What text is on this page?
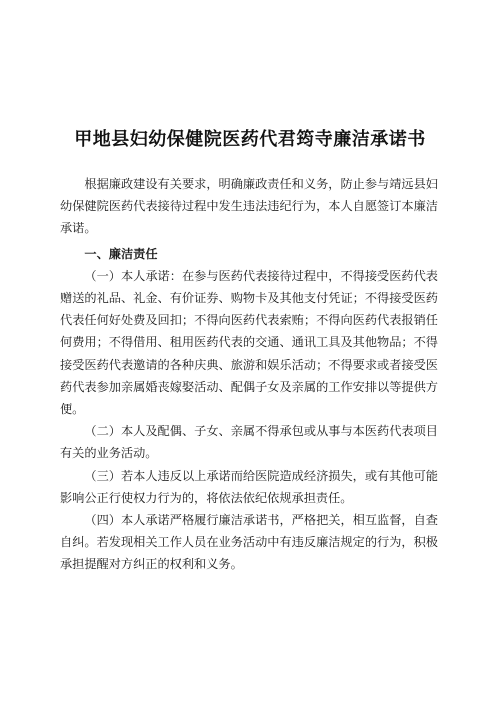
甲地县妇幼保健院医药代君筠寺廉洁承诺书

根据廉政建设有关要求，明确廉政责任和义务，防止参与靖远县妇幼保健院医药代表接待过程中发生违法违纪行为，本人自愿签订本廉洁承诺。

一、廉洁责任

（一）本人承诺：在参与医药代表接待过程中，不得接受医药代表赠送的礼品、礼金、有价证券、购物卡及其他支付凭证；不得接受医药代表任何好处费及回扣；不得向医药代表索贿；不得向医药代表报销任何费用；不得借用、租用医药代表的交通、通讯工具及其他物品；不得接受医药代表邀请的各种庆典、旅游和娱乐活动；不得要求或者接受医药代表参加亲属婚丧嫁娶活动、配偶子女及亲属的工作安排以等提供方便。

（二）本人及配偶、子女、亲属不得承包或从事与本医药代表项目有关的业务活动。

（三）若本人违反以上承诺而给医院造成经济损失，或有其他可能影响公正行使权力行为的，将依法依纪依规承担责任。

（四）本人承诺严格履行廉洁承诺书，严格把关，相互监督，自查自纠。若发现相关工作人员在业务活动中有违反廉洁规定的行为，积极承担提醒对方纠正的权利和义务。
